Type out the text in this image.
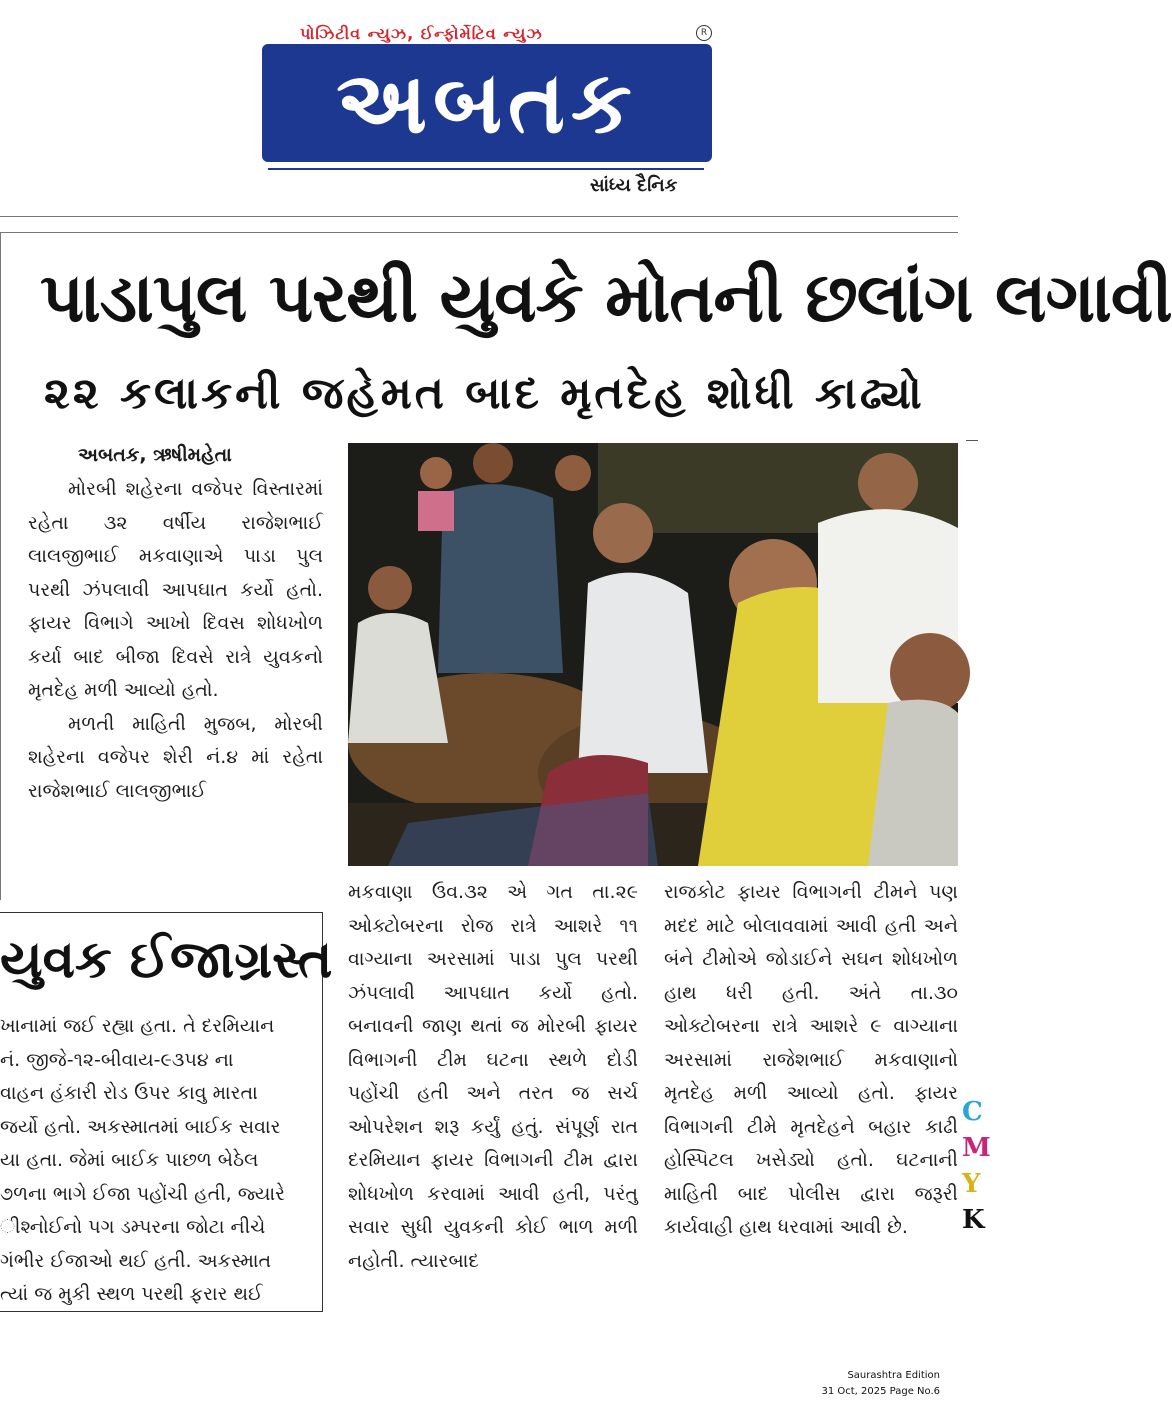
પોઝિટીવ ન્યુઝ, ઈન્ફોર્મેટિવ ન્યુઝ
અબતક
R
સાંધ્ય દૈનિક
પાડાપુલ પરથી યુવકે મોતની છલાંગ લગાવી
૨૨ કલાકની જહેમત બાદ મૃતદેહ શોધી કાઢ્યો
અબતક, ઋષીમહેતા
મોરબી શહેરના વજેપર વિસ્તારમાં રહેતા ૩૨ વર્ષીય રાજેશભાઈ લાલજીભાઈ મકવાણાએ પાડા પુલ પરથી ઝંપલાવી આપઘાત કર્યો હતો. ફાયર વિભાગે આખો દિવસ શોધખોળ કર્યા બાદ બીજા દિવસે રાત્રે યુવકનો મૃતદેહ મળી આવ્યો હતો.
મળતી માહિતી મુજબ, મોરબી શહેરના વજેપર શેરી નં.૪ માં રહેતા રાજેશભાઈ લાલજીભાઈ
મકવાણા ઉવ.૩૨ એ ગત તા.૨૯ ઓક્ટોબરના રોજ રાત્રે આશરે ૧૧ વાગ્યાના અરસામાં પાડા પુલ પરથી ઝંપલાવી આપઘાત કર્યો હતો. બનાવની જાણ થતાં જ મોરબી ફાયર વિભાગની ટીમ ઘટના સ્થળે દોડી પહોંચી હતી અને તરત જ સર્ચ ઓપરેશન શરૂ કર્યું હતું. સંપૂર્ણ રાત દરમિયાન ફાયર વિભાગની ટીમ દ્વારા શોધખોળ કરવામાં આવી હતી, પરંતુ સવાર સુધી યુવકની કોઈ ભાળ મળી નહોતી. ત્યારબાદ
રાજકોટ ફાયર વિભાગની ટીમને પણ મદદ માટે બોલાવવામાં આવી હતી અને બંને ટીમોએ જોડાઈને સઘન શોધખોળ હાથ ધરી હતી. અંતે તા.૩૦ ઓક્ટોબરના રાત્રે આશરે ૯ વાગ્યાના અરસામાં રાજેશભાઈ મકવાણાનો મૃતદેહ મળી આવ્યો હતો. ફાયર વિભાગની ટીમે મૃતદેહને બહાર કાઢી હોસ્પિટલ ખસેડ્યો હતો. ઘટનાની માહિતી બાદ પોલીસ દ્વારા જરૂરી કાર્યવાહી હાથ ધરવામાં આવી છે.
યુવક ઈજાગ્રસ્ત
ખાનામાં જઈ રહ્યા હતા. તે દરમિયાન
નં. જીજે-૧૨-બીવાય-૯૩૫૪ ના
વાહન હંકારી રોડ ઉપર કાવુ મારતા
જર્યો હતો. અકસ્માતમાં બાઈક સવાર
યા હતા. જેમાં બાઈક પાછળ બેઠેલ
૭ળના ભાગે ઈજા પહોંચી હતી, જ્યારે
ીશ્નોઈનો પગ ડમ્પરના જોટા નીચે
ગંભીર ઈજાઓ થઈ હતી. અકસ્માત
ત્યાં જ મુકી સ્થળ પરથી ફરાર થઈ
C
M
Y
K
Saurashtra Edition
31 Oct, 2025 Page No.6
